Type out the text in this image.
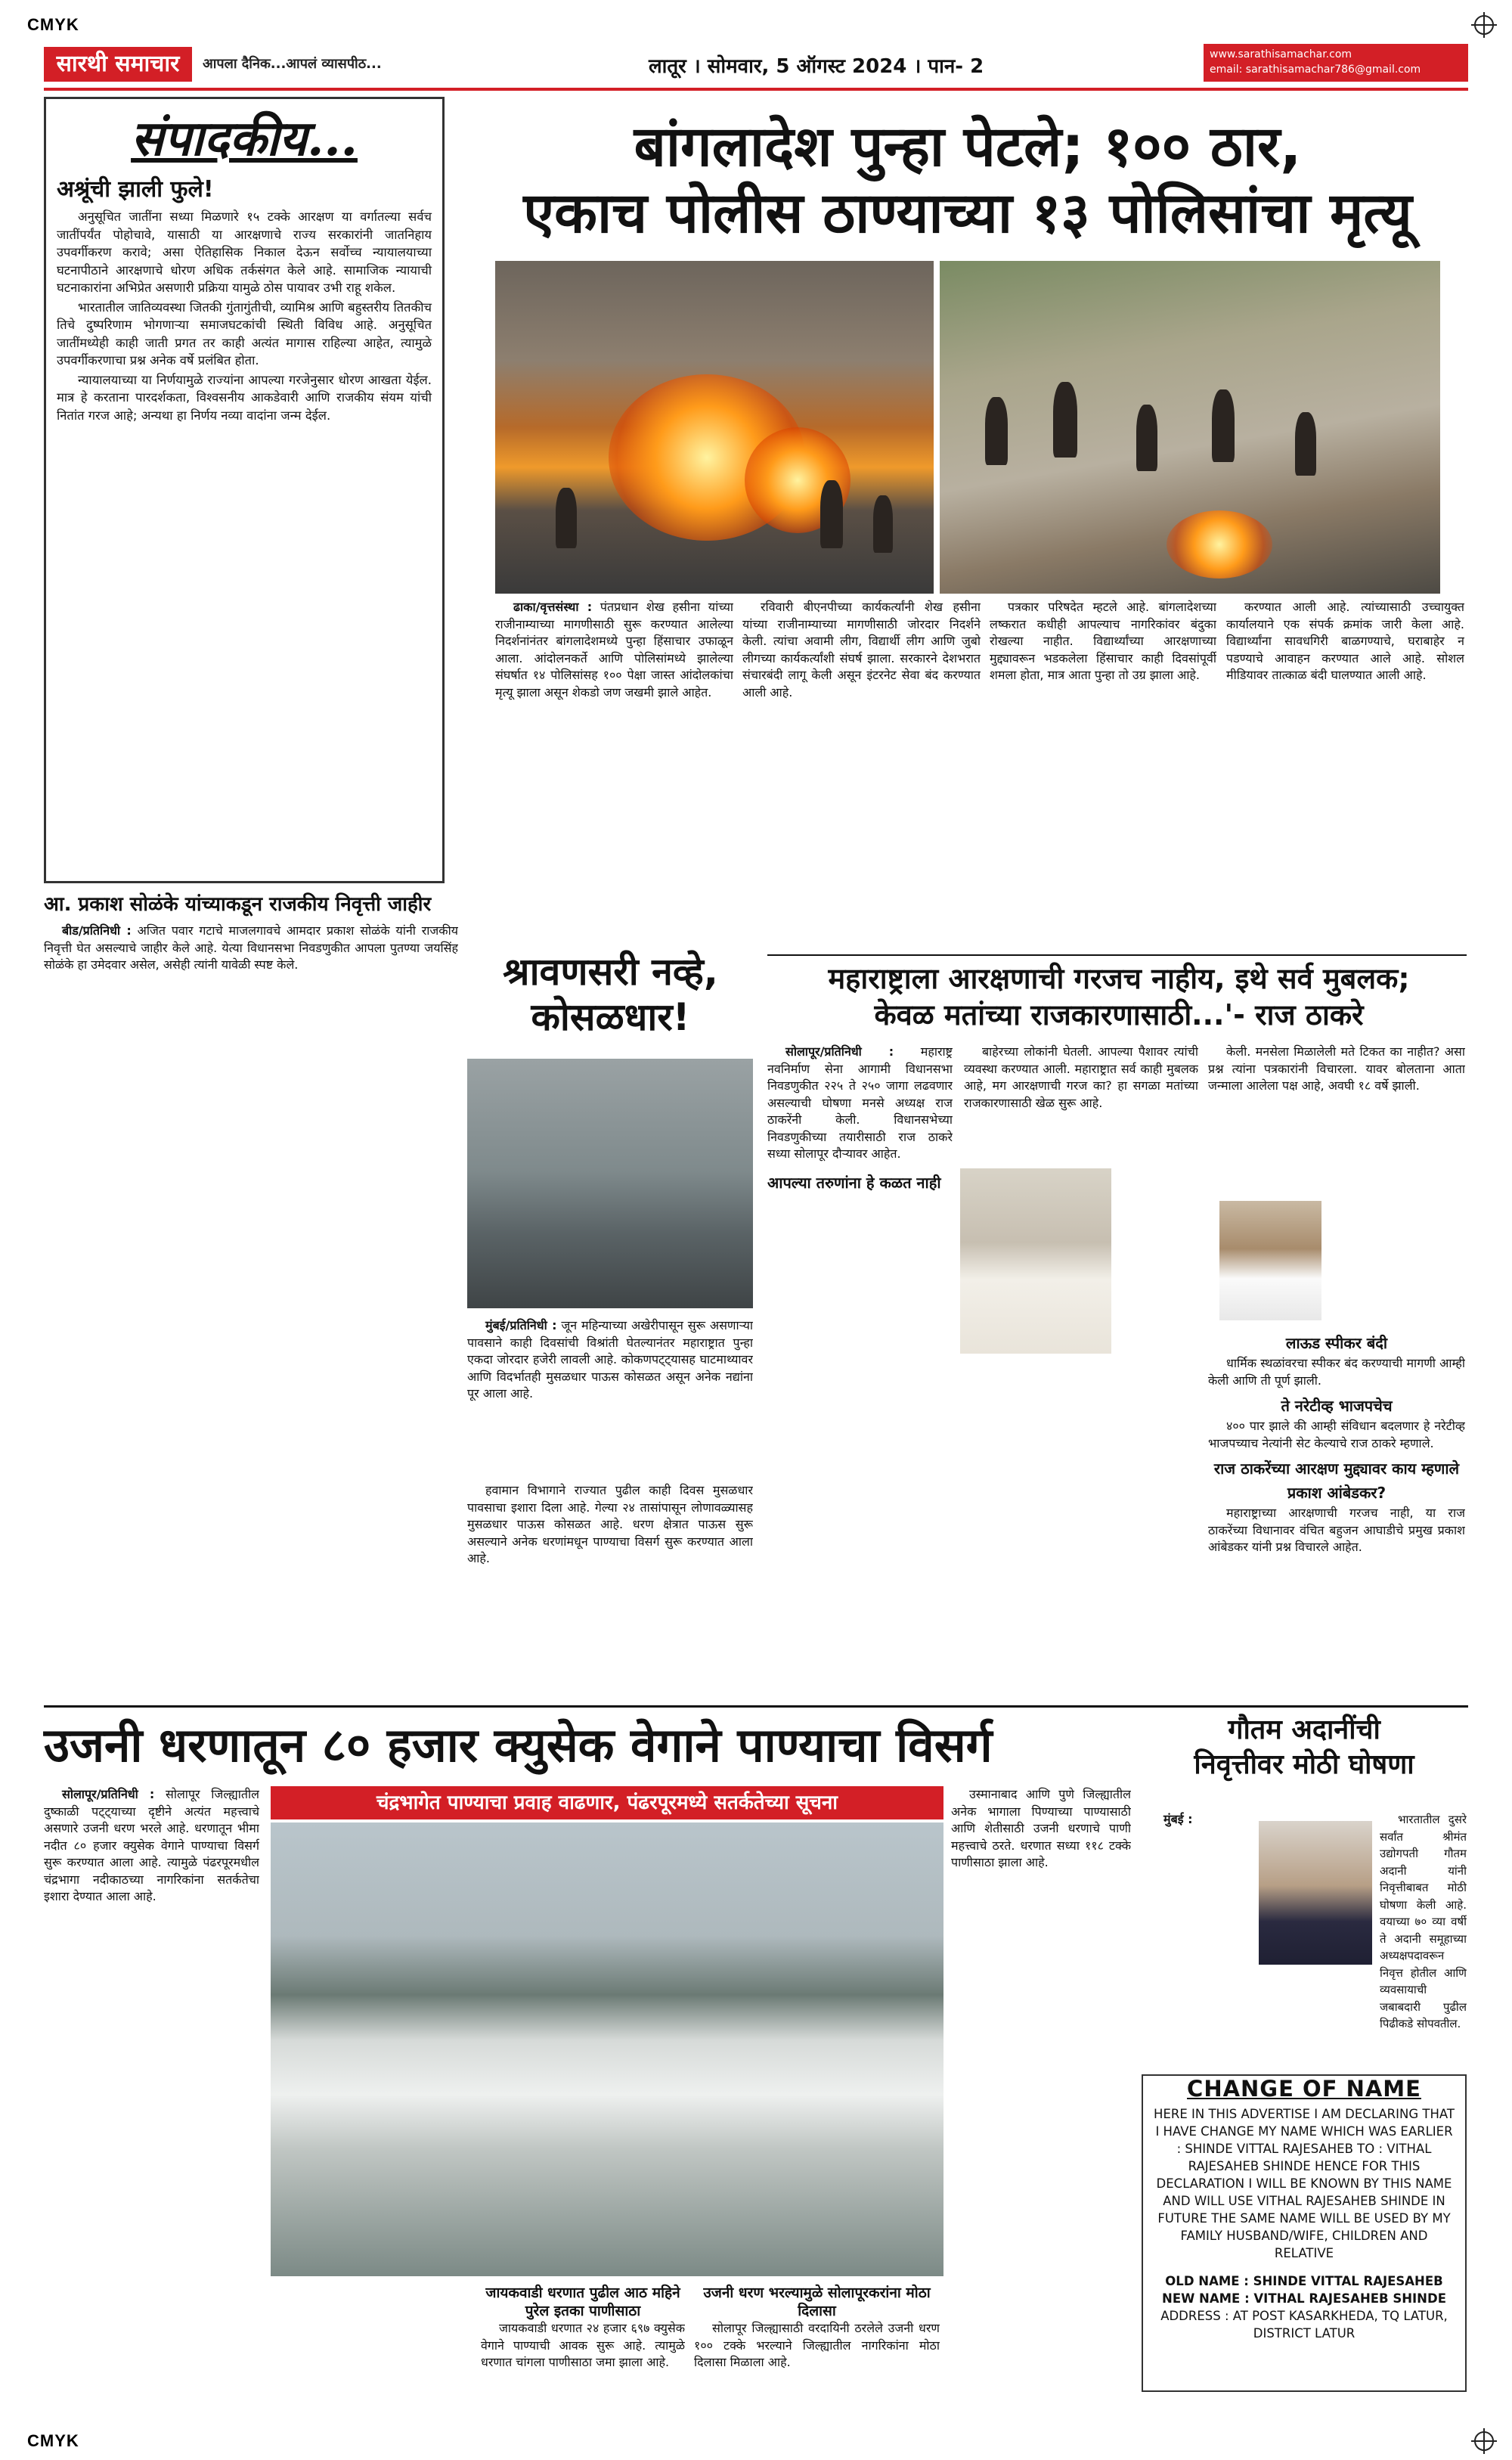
CMYK
CMYK
सारथी समाचार	आपला दैनिक...आपलं व्यासपीठ...	लातूर । सोमवार, 5 ऑगस्ट 2024 । पान- 2
www.sarathisamachar.com
email: sarathisamachar786@gmail.com
संपादकीय...
अश्रूंची झाली फुले!

अनुसूचित जातींना सध्या मिळणारे १५ टक्के आरक्षण या वर्गातल्या सर्वच जातींपर्यंत पोहोचावे, यासाठी या आरक्षणाचे राज्य सरकारांनी जातनिहाय उपवर्गीकरण करावे; असा ऐतिहासिक निकाल देऊन सर्वोच्च न्यायालयाच्या घटनापीठाने आरक्षणाचे धोरण अधिक तर्कसंगत केले आहे. सामाजिक न्यायाची घटनाकारांना अभिप्रेत असणारी प्रक्रिया यामुळे ठोस पायावर उभी राहू शकेल.

भारतातील जातिव्यवस्था जितकी गुंतागुंतीची, व्यामिश्र आणि बहुस्तरीय तितकीच तिचे दुष्परिणाम भोगणाऱ्या समाजघटकांची स्थिती विविध आहे. अनुसूचित जातींमध्येही काही जाती प्रगत तर काही अत्यंत मागास राहिल्या आहेत, त्यामुळे उपवर्गीकरणाचा प्रश्न अनेक वर्षे प्रलंबित होता.

न्यायालयाच्या या निर्णयामुळे राज्यांना आपल्या गरजेनुसार धोरण आखता येईल. मात्र हे करताना पारदर्शकता, विश्वसनीय आकडेवारी आणि राजकीय संयम यांची नितांत गरज आहे; अन्यथा हा निर्णय नव्या वादांना जन्म देईल.

आ. प्रकाश सोळंके यांच्याकडून राजकीय निवृत्ती जाहीर

बीड/प्रतिनिधी : अजित पवार गटाचे माजलगावचे आमदार प्रकाश सोळंके यांनी राजकीय निवृत्ती घेत असल्याचे जाहीर केले आहे. येत्या विधानसभा निवडणुकीत आपला पुतण्या जयसिंह सोळंके हा उमेदवार असेल, असेही त्यांनी यावेळी स्पष्ट केले.

बांगलादेश पुन्हा पेटले; १०० ठार,
एकाच पोलीस ठाण्याच्या १३ पोलिसांचा मृत्यू

ढाका/वृत्तसंस्था : पंतप्रधान शेख हसीना यांच्या राजीनाम्याच्या मागणीसाठी सुरू करण्यात आलेल्या निदर्शनांनंतर बांगलादेशमध्ये पुन्हा हिंसाचार उफाळून आला. आंदोलनकर्ते आणि पोलिसांमध्ये झालेल्या संघर्षात १४ पोलिसांसह १०० पेक्षा जास्त आंदोलकांचा मृत्यू झाला असून शेकडो जण जखमी झाले आहेत.

रविवारी बीएनपीच्या कार्यकर्त्यांनी शेख हसीना यांच्या राजीनाम्याच्या मागणीसाठी जोरदार निदर्शने केली. त्यांचा अवामी लीग, विद्यार्थी लीग आणि जुबो लीगच्या कार्यकर्त्यांशी संघर्ष झाला. सरकारने देशभरात संचारबंदी लागू केली असून इंटरनेट सेवा बंद करण्यात आली आहे.

पत्रकार परिषदेत म्हटले आहे. बांगलादेशच्या लष्करात कधीही आपल्याच नागरिकांवर बंदुका रोखल्या नाहीत. विद्यार्थ्यांच्या आरक्षणाच्या मुद्द्यावरून भडकलेला हिंसाचार काही दिवसांपूर्वी शमला होता, मात्र आता पुन्हा तो उग्र झाला आहे.

करण्यात आली आहे. त्यांच्यासाठी उच्चायुक्त कार्यालयाने एक संपर्क क्रमांक जारी केला आहे. विद्यार्थ्यांना सावधगिरी बाळगण्याचे, घराबाहेर न पडण्याचे आवाहन करण्यात आले आहे. सोशल मीडियावर तात्काळ बंदी घालण्यात आली आहे.

श्रावणसरी नव्हे,
कोसळधार!

मुंबई/प्रतिनिधी : जून महिन्याच्या अखेरीपासून सुरू असणाऱ्या पावसाने काही दिवसांची विश्रांती घेतल्यानंतर महाराष्ट्रात पुन्हा एकदा जोरदार हजेरी लावली आहे. कोकणपट्ट्यासह घाटमाथ्यावर आणि विदर्भातही मुसळधार पाऊस कोसळत असून अनेक नद्यांना पूर आला आहे.

हवामान विभागाने राज्यात पुढील काही दिवस मुसळधार पावसाचा इशारा दिला आहे. गेल्या २४ तासांपासून लोणावळ्यासह मुसळधार पाऊस कोसळत आहे. धरण क्षेत्रात पाऊस सुरू असल्याने अनेक धरणांमधून पाण्याचा विसर्ग सुरू करण्यात आला आहे.

महाराष्ट्राला आरक्षणाची गरजच नाहीय, इथे सर्व मुबलक;
केवळ मतांच्या राजकारणासाठी...'- राज ठाकरे

सोलापूर/प्रतिनिधी : महाराष्ट्र नवनिर्माण सेना आगामी विधानसभा निवडणुकीत २२५ ते २५० जागा लढवणार असल्याची घोषणा मनसे अध्यक्ष राज ठाकरेंनी केली. विधानसभेच्या निवडणुकीच्या तयारीसाठी राज ठाकरे सध्या सोलापूर दौऱ्यावर आहेत.

आपल्या तरुणांना हे कळत नाही

बाहेरच्या लोकांनी घेतली. आपल्या पैशावर त्यांची व्यवस्था करण्यात आली. महाराष्ट्रात सर्व काही मुबलक आहे, मग आरक्षणाची गरज का? हा सगळा मतांच्या राजकारणासाठी खेळ सुरू आहे.

केली. मनसेला मिळालेली मते टिकत का नाहीत? असा प्रश्न त्यांना पत्रकारांनी विचारला. यावर बोलताना आता जन्माला आलेला पक्ष आहे, अवघी १८ वर्षे झाली.

लाऊड स्पीकर बंदी

धार्मिक स्थळांवरचा स्पीकर बंद करण्याची मागणी आम्ही केली आणि ती पूर्ण झाली.

ते नरेटीव्ह भाजपचेच

४०० पार झाले की आम्ही संविधान बदलणार हे नरेटीव्ह भाजपच्याच नेत्यांनी सेट केल्याचे राज ठाकरे म्हणाले.

राज ठाकरेंच्या आरक्षण मुद्द्यावर काय म्हणाले प्रकाश आंबेडकर?

महाराष्ट्राच्या आरक्षणाची गरजच नाही, या राज ठाकरेंच्या विधानावर वंचित बहुजन आघाडीचे प्रमुख प्रकाश आंबेडकर यांनी प्रश्न विचारले आहेत.

उजनी धरणातून ८० हजार क्युसेक वेगाने पाण्याचा विसर्ग
चंद्रभागेत पाण्याचा प्रवाह वाढणार, पंढरपूरमध्ये सतर्कतेच्या सूचना

सोलापूर/प्रतिनिधी : सोलापूर जिल्ह्यातील दुष्काळी पट्ट्याच्या दृष्टीने अत्यंत महत्त्वाचे असणारे उजनी धरण भरले आहे. धरणातून भीमा नदीत ८० हजार क्युसेक वेगाने पाण्याचा विसर्ग सुरू करण्यात आला आहे. त्यामुळे पंढरपूरमधील चंद्रभागा नदीकाठच्या नागरिकांना सतर्कतेचा इशारा देण्यात आला आहे.

उस्मानाबाद आणि पुणे जिल्ह्यातील अनेक भागाला पिण्याच्या पाण्यासाठी आणि शेतीसाठी उजनी धरणाचे पाणी महत्त्वाचे ठरते. धरणात सध्या ११८ टक्के पाणीसाठा झाला आहे.

जायकवाडी धरणात पुढील आठ महिने पुरेल इतका पाणीसाठा

जायकवाडी धरणात २४ हजार ६९७ क्युसेक वेगाने पाण्याची आवक सुरू आहे. त्यामुळे धरणात चांगला पाणीसाठा जमा झाला आहे.

उजनी धरण भरल्यामुळे सोलापूरकरांना मोठा दिलासा

सोलापूर जिल्ह्यासाठी वरदायिनी ठरलेले उजनी धरण १०० टक्के भरल्याने जिल्ह्यातील नागरिकांना मोठा दिलासा मिळाला आहे.

गौतम अदानींची
निवृत्तीवर मोठी घोषणा

मुंबई :	भारतातील दुसरे सर्वांत श्रीमंत उद्योगपती गौतम अदानी यांनी निवृत्तीबाबत मोठी घोषणा केली आहे. वयाच्या ७० व्या वर्षी ते अदानी समूहाच्या अध्यक्षपदावरून निवृत्त होतील आणि व्यवसायाची जबाबदारी पुढील पिढीकडे सोपवतील.

CHANGE OF NAME
HERE IN THIS ADVERTISE I AM DECLARING THAT I HAVE CHANGE MY NAME WHICH WAS EARLIER : SHINDE VITTAL RAJESAHEB TO : VITHAL RAJESAHEB SHINDE HENCE FOR THIS DECLARATION I WILL BE KNOWN BY THIS NAME AND WILL USE VITHAL RAJESAHEB SHINDE IN FUTURE THE SAME NAME WILL BE USED BY MY FAMILY HUSBAND/WIFE, CHILDREN AND RELATIVE
OLD NAME : SHINDE VITTAL RAJESAHEB
NEW NAME : VITHAL RAJESAHEB SHINDE
ADDRESS : AT POST KASARKHEDA, TQ LATUR, DISTRICT LATUR
